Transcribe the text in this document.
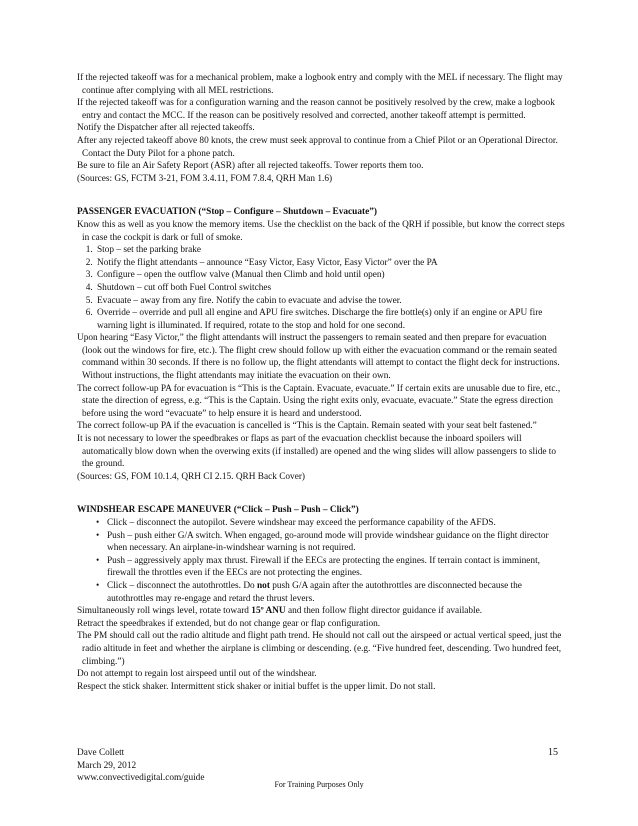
If the rejected takeoff was for a mechanical problem, make a logbook entry and comply with the MEL if necessary. The flight may continue after complying with all MEL restrictions.

If the rejected takeoff was for a configuration warning and the reason cannot be positively resolved by the crew, make a logbook entry and contact the MCC. If the reason can be positively resolved and corrected, another takeoff attempt is permitted.

Notify the Dispatcher after all rejected takeoffs.

After any rejected takeoff above 80 knots, the crew must seek approval to continue from a Chief Pilot or an Operational Director. Contact the Duty Pilot for a phone patch.

Be sure to file an Air Safety Report (ASR) after all rejected takeoffs. Tower reports them too.

(Sources: GS, FCTM 3-21, FOM 3.4.11, FOM 7.8.4, QRH Man 1.6)

PASSENGER EVACUATION (“Stop – Configure – Shutdown – Evacuate”)

Know this as well as you know the memory items. Use the checklist on the back of the QRH if possible, but know the correct steps in case the cockpit is dark or full of smoke.

1. Stop – set the parking brake
2. Notify the flight attendants – announce “Easy Victor, Easy Victor, Easy Victor” over the PA
3. Configure – open the outflow valve (Manual then Climb and hold until open)
4. Shutdown – cut off both Fuel Control switches
5. Evacuate – away from any fire. Notify the cabin to evacuate and advise the tower.
6. Override – override and pull all engine and APU fire switches. Discharge the fire bottle(s) only if an engine or APU fire warning light is illuminated. If required, rotate to the stop and hold for one second.

Upon hearing “Easy Victor,” the flight attendants will instruct the passengers to remain seated and then prepare for evacuation (look out the windows for fire, etc.). The flight crew should follow up with either the evacuation command or the remain seated command within 30 seconds. If there is no follow up, the flight attendants will attempt to contact the flight deck for instructions. Without instructions, the flight attendants may initiate the evacuation on their own.

The correct follow-up PA for evacuation is “This is the Captain. Evacuate, evacuate.” If certain exits are unusable due to fire, etc., state the direction of egress, e.g. “This is the Captain. Using the right exits only, evacuate, evacuate.” State the egress direction before using the word “evacuate” to help ensure it is heard and understood.

The correct follow-up PA if the evacuation is cancelled is “This is the Captain. Remain seated with your seat belt fastened.”

It is not necessary to lower the speedbrakes or flaps as part of the evacuation checklist because the inboard spoilers will automatically blow down when the overwing exits (if installed) are opened and the wing slides will allow passengers to slide to the ground.

(Sources: GS, FOM 10.1.4, QRH CI 2.15. QRH Back Cover)

WINDSHEAR ESCAPE MANEUVER (“Click – Push – Push – Click”)

• Click – disconnect the autopilot. Severe windshear may exceed the performance capability of the AFDS.
• Push – push either G/A switch. When engaged, go-around mode will provide windshear guidance on the flight director when necessary. An airplane-in-windshear warning is not required.
• Push – aggressively apply max thrust. Firewall if the EECs are protecting the engines. If terrain contact is imminent, firewall the throttles even if the EECs are not protecting the engines.
• Click – disconnect the autothrottles. Do not push G/A again after the autothrottles are disconnected because the autothrottles may re-engage and retard the thrust levers.

Simultaneously roll wings level, rotate toward 15º ANU and then follow flight director guidance if available.

Retract the speedbrakes if extended, but do not change gear or flap configuration.

The PM should call out the radio altitude and flight path trend. He should not call out the airspeed or actual vertical speed, just the radio altitude in feet and whether the airplane is climbing or descending. (e.g. “Five hundred feet, descending. Two hundred feet, climbing.”)

Do not attempt to regain lost airspeed until out of the windshear.

Respect the stick shaker. Intermittent stick shaker or initial buffet is the upper limit. Do not stall.

Dave Collett
March 29, 2012
www.convectivedigital.com/guide
15
For Training Purposes Only
